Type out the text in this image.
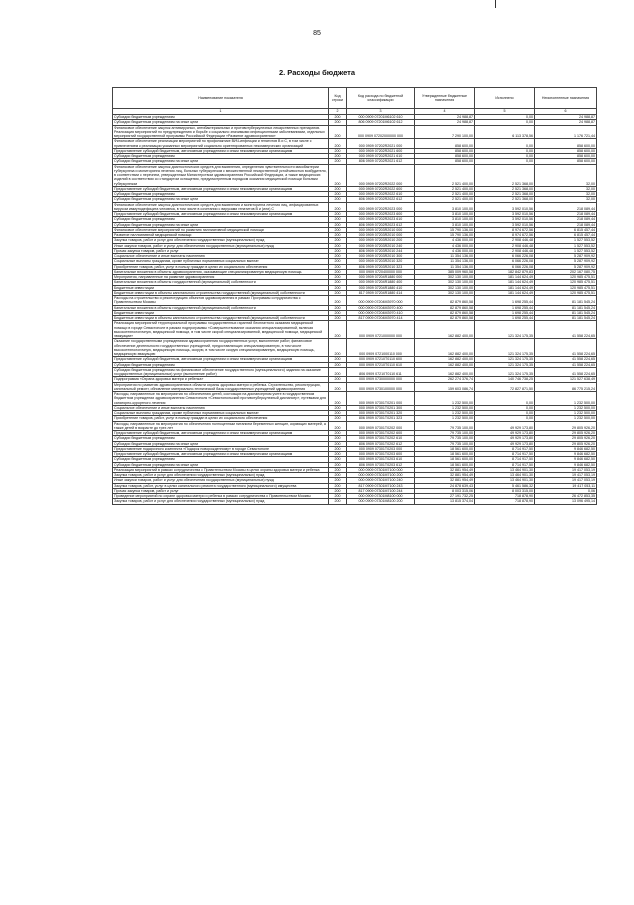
85
2. Расходы бюджета
Наименование показателя	Код строки	Код расхода по бюджетной классификации	Утвержденные бюджетные назначения	Исполнено	Неисполненные назначения
1	2	3	4	5	6
Субсидии бюджетным учреждениям	200	000 0909 07201М6102 610	24 988,87	0,00	24 988,87
Субсидии бюджетным учреждениям на иные цели	200	806 0909 07201М6102 612	24 988,87	0,00	24 988,87
Финансовое обеспечение закупок антивирусных, антибактериальных и противотуберкулезных лекарственных препаратов. Реализация мероприятий по предупреждению и борьбе с социально значимыми инфекционными заболеваниями, отдельных мероприятий государственной программы Российской Федерации «Развитие здравоохранения»	200	000 0909 07202000000 000	7 290 100,00	6 113 378,56	1 176 721,44
Финансовое обеспечение реализации мероприятий по профилактике ВИЧ-инфекции и гепатитов В и С, в том числе с привлечением к реализации указанных мероприятий социально ориентированных некоммерческих организаций	200	000 0909 07202R2021 000	858 600,00	0,00	858 600,00
Предоставление субсидий бюджетным, автономным учреждениям и иным некоммерческим организациям	200	000 0909 07202R2021 600	858 600,00	0,00	858 600,00
Субсидии бюджетным учреждениям	200	000 0909 07202R2021 610	858 600,00	0,00	858 600,00
Субсидии бюджетным учреждениям на иные цели	200	806 0909 07202R2021 612	858 600,00	0,00	858 600,00
Финансовое обеспечение закупок диагностических средств для выявления, определения чувствительности микобактерии туберкулеза и мониторинга лечения лиц, больных туберкулезом с множественной лекарственной устойчивостью возбудителя, в соответствии с перечнем, утвержденным Министерством здравоохранения Российской Федерации, а также медицинских изделий в соответствии со стандартом оснащения, предусмотренным порядком оказания медицинской помощи больным туберкулезом	200	000 0909 07202R2022 000	2 521 400,00	2 521 368,00	32,00
Предоставление субсидий бюджетным, автономным учреждениям и иным некоммерческим организациям	200	000 0909 07202R2022 600	2 521 400,00	2 521 368,00	32,00
Субсидии бюджетным учреждениям	200	000 0909 07202R2022 610	2 521 400,00	2 521 368,00	32,00
Субсидии бюджетным учреждениям на иные цели	200	806 0909 07202R2022 612	2 521 400,00	2 521 368,00	32,00
Финансовое обеспечение закупок диагностических средств для выявления и мониторинга лечения лиц, инфицированных вирусом иммунодефицита человека, в том числе в сочетании с вирусами гепатитов В и (или) С	200	000 0909 07202R2023 000	3 810 100,00	3 592 010,56	218 089,44
Предоставление субсидий бюджетным, автономным учреждениям и иным некоммерческим организациям	200	000 0909 07202R2023 600	3 810 100,00	3 592 010,56	218 089,44
Субсидии бюджетным учреждениям	200	000 0909 07202R2023 610	3 810 100,00	3 592 010,56	218 089,44
Субсидии бюджетным учреждениям на иные цели	200	806 0909 07202R2023 612	3 810 100,00	3 592 010,56	218 089,44
Финансовое обеспечение мероприятий по развитию паллиативной медицинской помощи	200	000 0909 07203R2010 000	15 790 136,00	8 974 672,56	6 815 457,44
Развитие паллиативной медицинской помощи	200	000 0909 07203R2010 000	15 790 136,00	8 974 672,56	6 815 457,44
Закупка товаров, работ и услуг для обеспечения государственных (муниципальных) нужд	200	000 0909 07203R2010 200	4 436 000,00	2 908 446,48	1 527 553,52
Иные закупки товаров, работ и услуг для обеспечения государственных (муниципальных) нужд	200	000 0909 07203R2010 240	4 436 000,00	2 908 446,48	1 527 553,52
Прочая закупка товаров, работ и услуг	200	806 0909 07203R2010 244	4 436 000,00	2 908 446,48	1 527 553,52
Социальное обеспечение и иные выплаты населению	200	000 0909 07203R2010 300	11 354 136,00	6 066 226,08	5 287 909,92
Социальные выплаты гражданам, кроме публичных нормативных социальных выплат	200	000 0909 07203R2010 320	11 354 136,00	6 066 226,08	5 287 909,92
Приобретение товаров, работ, услуг в пользу граждан в целях их социального обеспечения	200	806 0909 07203R2010 323	11 354 136,00	6 066 226,08	5 287 909,92
Капитальные вложения в объекты здравоохранения, оказывающие специализированную медицинскую помощь	200	000 0909 0720400000 000	385 009 960,58	182 842 879,83	202 167 080,75
Мероприятия, направленные на развитие здравоохранения	200	000 0909 07204R1880 000	302 130 100,00	181 144 624,49	120 985 475,51
Капитальные вложения в объекты государственной (муниципальной) собственности	200	000 0909 07204R1880 400	302 130 100,00	181 144 624,49	120 985 475,51
Бюджетные инвестиции	200	000 0909 07204R1880 410	302 130 100,00	181 144 624,49	120 985 475,51
Бюджетные инвестиции в объекты капитального строительства государственной (муниципальной) собственности	200	817 0909 07204R1880 414	302 130 100,00	181 144 624,49	120 985 475,51
Расходы на строительство и реконструкцию объектов здравоохранения в рамках Программы сотрудничества с Правительством Москвы	200	000 0909 07204М3970 000	82 879 860,58	1 698 255,44	81 181 545,24
Капитальные вложения в объекты государственной (муниципальной) собственности	200	000 0909 07204М3970 400	82 879 860,58	1 698 255,44	81 181 545,24
Бюджетные инвестиции	200	000 0909 07204М3970 410	82 879 860,58	1 698 255,44	81 181 545,24
Бюджетные инвестиции в объекты капитального строительства государственной (муниципальной) собственности	200	817 0909 07204М3970 414	82 879 860,58	1 698 255,44	81 181 545,24
Реализация мероприятий территориальной программы государственных гарантий бесплатного оказания медицинской помощи в городе Севастополе в рамках подпрограммы «Совершенствование оказания специализированной, включая высокотехнологичную, медицинской помощи, в том числе скорой специализированной, медицинской помощи, медицинской эвакуации»	200	000 0909 0721000000 000	162 882 400,00	121 324 175,35	41 558 224,65
Оказание государственными учреждениями здравоохранения государственных услуг, выполнение работ, финансовое обеспечение деятельности государственных учреждений, предоставляющих специализированную, в том числе высокотехнологичную, медицинскую помощь, скорую, в том числе скорую специализированную, медицинскую помощь, медицинскую эвакуацию	200	000 0909 0721000110 000	162 882 400,00	121 324 175,35	41 558 224,65
Предоставление субсидий бюджетным, автономным учреждениям и иным некоммерческим организациям	200	000 0909 07210Т0110 600	162 882 400,00	121 324 175,35	41 558 224,65
Субсидии бюджетным учреждениям	200	000 0909 07210Т0110 610	162 882 400,00	121 324 175,35	41 558 224,65
Субсидии бюджетным учреждениям на финансовое обеспечение государственного (муниципального) задания на оказание государственных (муниципальных) услуг (выполнение работ)	200	806 0909 07210Т0110 611	162 882 400,00	121 324 175,35	41 558 224,65
Подпрограмма «Охрана здоровья матери и ребенка»	200	000 0909 0730000000 000	262 274 376,74	140 746 738,25	121 527 638,49
Мероприятия по развитию здравоохранения в области охраны здоровья матери и ребенка. Строительство, реконструкция, капитальный ремонт, обновление материально-технической базы государственных учреждений здравоохранения	200	000 0909 0730100000 000	159 603 086,74	72 827 871,50	86 775 215,24
Расходы, направленные на мероприятия по обеспечению детей, состоящих на диспансерном учете в государственном бюджетном учреждении здравоохранения Севастополя «Севастопольский противотуберкулезный диспансер», путевками для санаторно-курортного лечения	200	000 0909 07301Т0201 000	1 232 500,00	0,00	1 232 500,00
Социальное обеспечение и иные выплаты населению	200	000 0909 07301Т0201 300	1 232 500,00	0,00	1 232 500,00
Социальные выплаты гражданам, кроме публичных нормативных социальных выплат	200	000 0909 07301Т0201 320	1 232 500,00	0,00	1 232 500,00
Приобретение товаров, работ, услуг в пользу граждан в целях их социального обеспечения	200	806 0909 07301Т0201 323	1 232 500,00	0,00	1 232 500,00
Расходы, направленные на мероприятия по обеспечению полноценным питанием беременных женщин, кормящих матерей, а также детей в возрасте до трех лет	200	000 0909 07301Т0202 000	79 735 100,00	49 929 173,80	29 805 926,20
Предоставление субсидий бюджетным, автономным учреждениям и иным некоммерческим организациям	200	000 0909 07301Т0202 600	79 735 100,00	49 929 173,80	29 805 926,20
Субсидии бюджетным учреждениям	200	000 0909 07301Т0202 610	79 735 100,00	49 929 173,80	29 805 926,20
Субсидии бюджетным учреждениям на иные цели	200	806 0909 07301Т0202 612	79 735 100,00	49 929 173,80	29 805 926,20
Предоставление подарочного комплекта «Подарок новорожденному» в городе Севастополе	200	000 0909 07301Т0203 000	18 561 600,00	8 714 917,50	9 846 682,50
Предоставление субсидий бюджетным, автономным учреждениям и иным некоммерческим организациям	200	000 0909 07301Т0203 600	18 561 600,00	8 714 917,50	9 846 682,50
Субсидии бюджетным учреждениям	200	000 0909 07301Т0203 610	18 561 600,00	8 714 917,50	9 846 682,50
Субсидии бюджетным учреждениям на иные цели	200	806 0909 07301Т0203 612	18 561 600,00	8 714 917,50	9 846 682,50
Реализация мероприятий в рамках сотрудничества с Правительством Москвы в целях охраны здоровья матери и ребенка	200	000 0909 07301М7100 000	32 881 954,49	13 464 901,30	19 417 053,19
Закупка товаров, работ и услуг для обеспечения государственных (муниципальных) нужд	200	000 0909 07301М7100 200	32 881 954,49	13 464 901,30	19 417 053,19
Иные закупки товаров, работ и услуг для обеспечения государственных (муниципальных) нужд	200	000 0909 07301М7100 240	32 881 954,49	13 464 901,30	19 417 053,19
Закупка товаров, работ, услуг в целях капитального ремонта государственного (муниципального) имущества	200	817 0909 07301М7100 243	24 878 639,43	5 461 586,32	19 417 053,11
Прочая закупка товаров, работ и услуг	200	817 0909 07301М7100 244	8 003 315,06	8 003 315,00	0,06
Проведение мероприятий по охране здоровья матери и ребенка в рамках сотрудничества с Правительством Москвы	200	000 0909 07301М8100 000	27 191 732,25	718 878,90	26 472 853,35
Закупка товаров, работ и услуг для обеспечения государственных (муниципальных) нужд	200	000 0909 07301М8100 200	13 815 374,04	718 878,90	13 096 495,14
